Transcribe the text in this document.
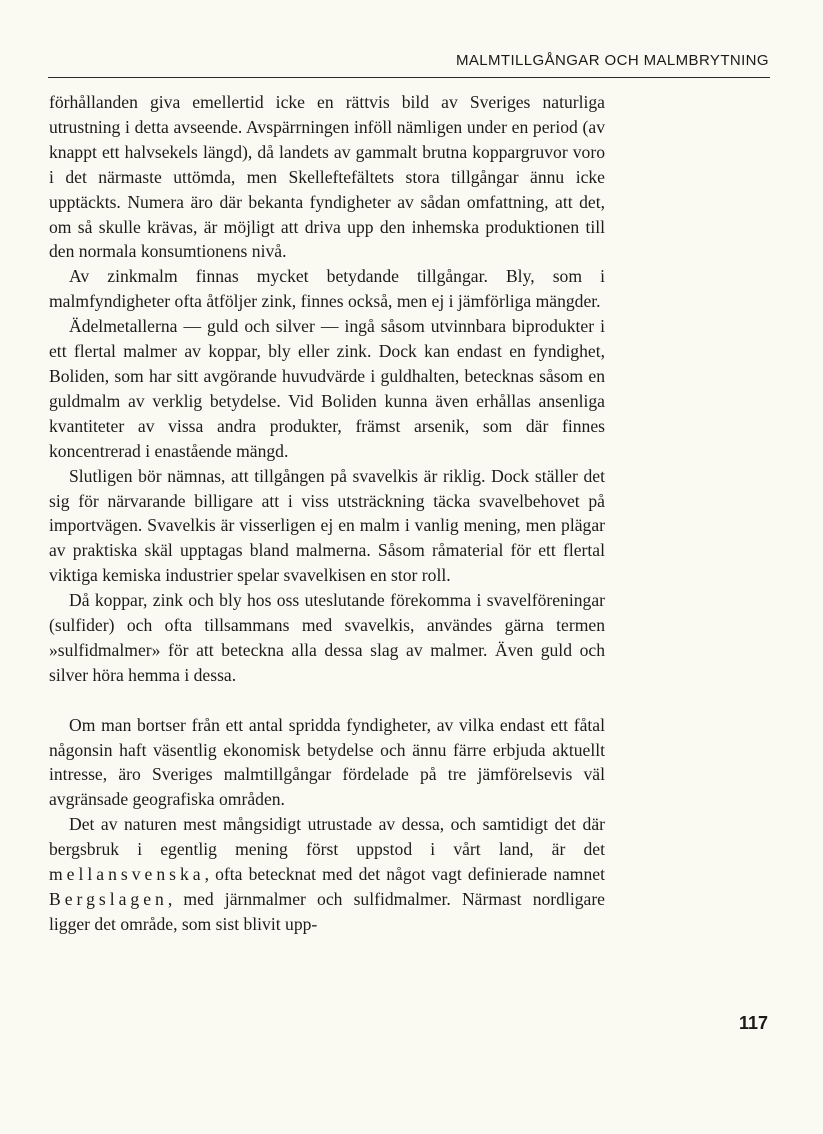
MALMTILLGÅNGAR OCH MALMBRYTNING

förhållanden giva emellertid icke en rättvis bild av Sveriges naturliga utrustning i detta avseende. Avspärrningen inföll nämligen under en period (av knappt ett halvsekels längd), då landets av gammalt brutna koppargruvor voro i det närmaste uttömda, men Skelleftefältets stora tillgångar ännu icke upptäckts. Numera äro där bekanta fyndigheter av sådan omfattning, att det, om så skulle krävas, är möjligt att driva upp den inhemska produktionen till den normala konsumtionens nivå.

Av zinkmalm finnas mycket betydande tillgångar. Bly, som i malmfyndigheter ofta åtföljer zink, finnes också, men ej i jämförliga mängder.

Ädelmetallerna — guld och silver — ingå såsom utvinnbara biprodukter i ett flertal malmer av koppar, bly eller zink. Dock kan endast en fyndighet, Boliden, som har sitt avgörande huvudvärde i guldhalten, betecknas såsom en guldmalm av verklig betydelse. Vid Boliden kunna även erhållas ansenliga kvantiteter av vissa andra produkter, främst arsenik, som där finnes koncentrerad i enastående mängd.

Slutligen bör nämnas, att tillgången på svavelkis är riklig. Dock ställer det sig för närvarande billigare att i viss utsträckning täcka svavelbehovet på importvägen. Svavelkis är visserligen ej en malm i vanlig mening, men plägar av praktiska skäl upptagas bland malmerna. Såsom råmaterial för ett flertal viktiga kemiska industrier spelar svavelkisen en stor roll.

Då koppar, zink och bly hos oss uteslutande förekomma i svavelföreningar (sulfider) och ofta tillsammans med svavelkis, användes gärna termen »sulfidmalmer» för att beteckna alla dessa slag av malmer. Även guld och silver höra hemma i dessa.

Om man bortser från ett antal spridda fyndigheter, av vilka endast ett fåtal någonsin haft väsentlig ekonomisk betydelse och ännu färre erbjuda aktuellt intresse, äro Sveriges malmtillgångar fördelade på tre jämförelsevis väl avgränsade geografiska områden.

Det av naturen mest mångsidigt utrustade av dessa, och samtidigt det där bergsbruk i egentlig mening först uppstod i vårt land, är det mellansvenska, ofta betecknat med det något vagt definierade namnet Bergslagen, med järnmalmer och sulfidmalmer. Närmast nordligare ligger det område, som sist blivit upp-

117
